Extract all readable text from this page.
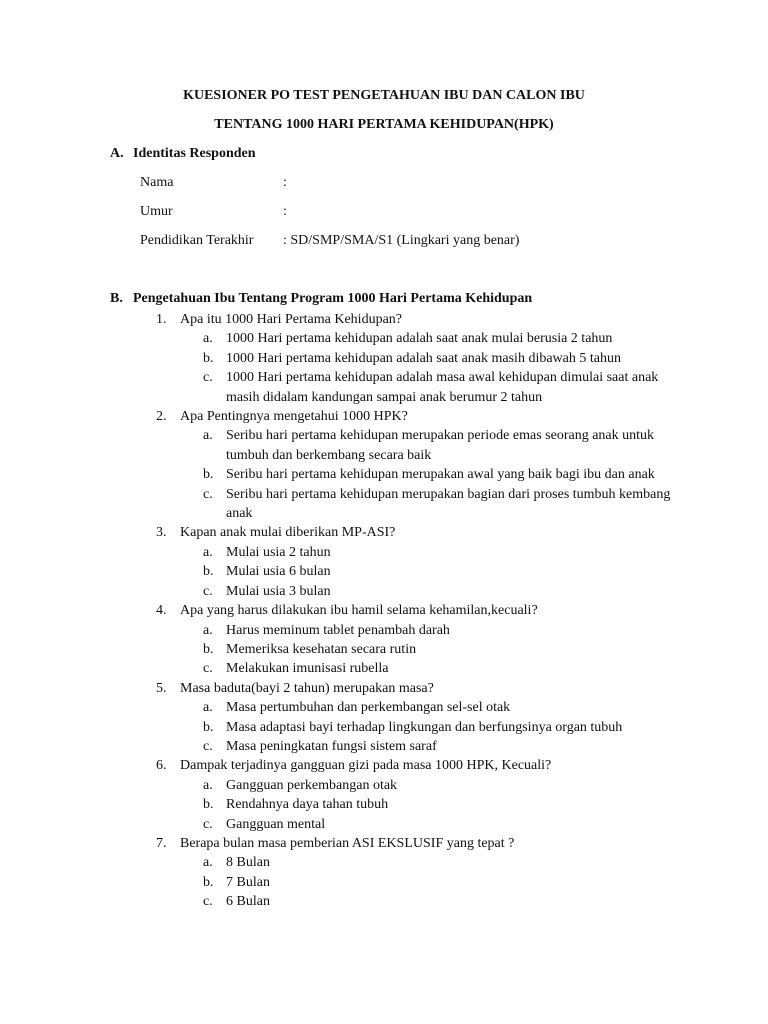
KUESIONER PO TEST PENGETAHUAN IBU DAN CALON IBU
TENTANG 1000 HARI PERTAMA KEHIDUPAN(HPK)
A. Identitas Responden
Nama	:
Umur	:
Pendidikan Terakhir : SD/SMP/SMA/S1 (Lingkari yang benar)
B. Pengetahuan Ibu Tentang Program 1000 Hari Pertama Kehidupan
1. Apa itu 1000 Hari Pertama Kehidupan?
a. 1000 Hari pertama kehidupan adalah saat anak mulai berusia 2 tahun
b. 1000 Hari pertama kehidupan adalah saat anak masih dibawah 5 tahun
c. 1000 Hari pertama kehidupan adalah masa awal kehidupan dimulai saat anak masih didalam kandungan sampai anak berumur 2 tahun
2. Apa Pentingnya mengetahui 1000 HPK?
a. Seribu hari pertama kehidupan merupakan periode emas seorang anak untuk tumbuh dan berkembang secara baik
b. Seribu hari pertama kehidupan merupakan awal yang baik bagi ibu dan anak
c. Seribu hari pertama kehidupan merupakan bagian dari proses tumbuh kembang anak
3. Kapan anak mulai diberikan MP-ASI?
a. Mulai usia 2 tahun
b. Mulai usia 6 bulan
c. Mulai usia 3 bulan
4. Apa yang harus dilakukan ibu hamil selama kehamilan,kecuali?
a. Harus meminum tablet penambah darah
b. Memeriksa kesehatan secara rutin
c. Melakukan imunisasi rubella
5. Masa baduta(bayi 2 tahun) merupakan masa?
a. Masa pertumbuhan dan perkembangan sel-sel otak
b. Masa adaptasi bayi terhadap lingkungan dan berfungsinya organ tubuh
c. Masa peningkatan fungsi sistem saraf
6. Dampak terjadinya gangguan gizi pada masa 1000 HPK, Kecuali?
a. Gangguan perkembangan otak
b. Rendahnya daya tahan tubuh
c. Gangguan mental
7. Berapa bulan masa pemberian ASI EKSLUSIF yang tepat ?
a. 8 Bulan
b. 7 Bulan
c. 6 Bulan
